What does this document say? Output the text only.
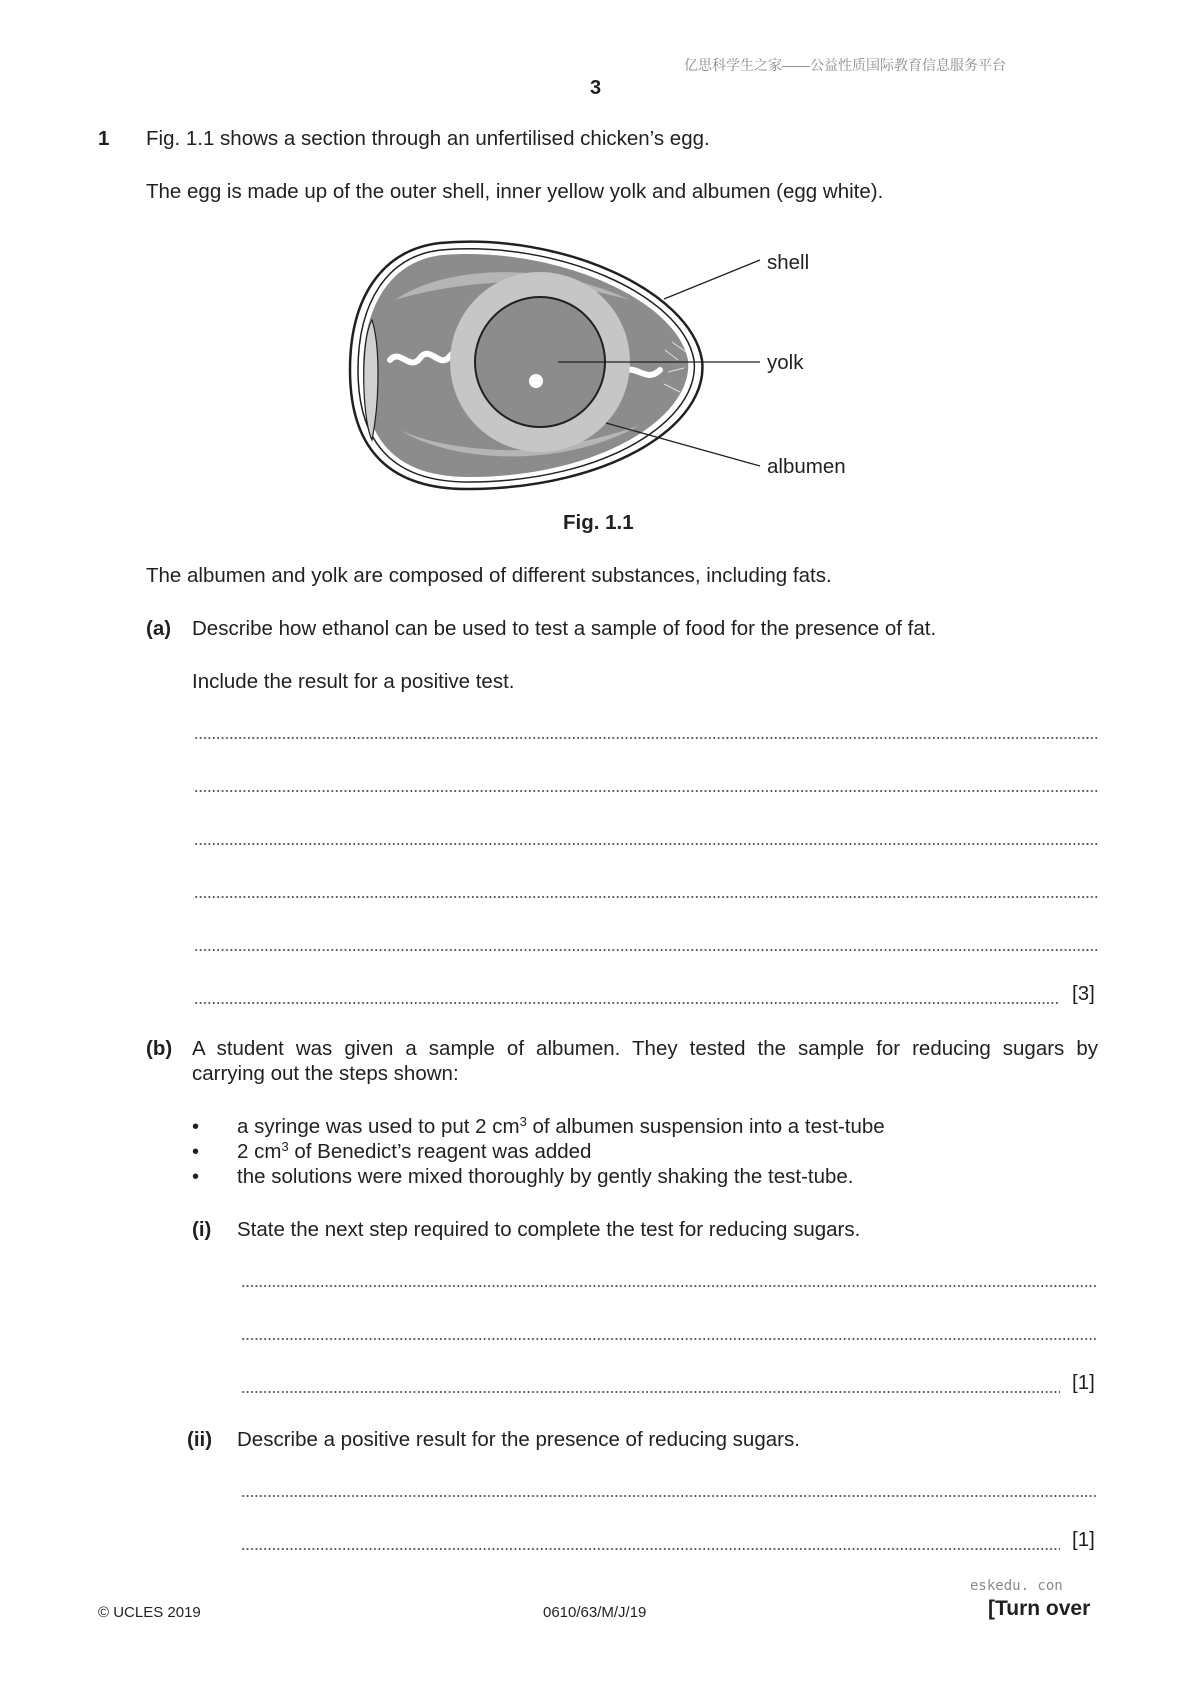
亿思科学生之家——公益性质国际教育信息服务平台
3
1 Fig. 1.1 shows a section through an unfertilised chicken’s egg.
The egg is made up of the outer shell, inner yellow yolk and albumen (egg white).
shell
yolk
albumen
Fig. 1.1
The albumen and yolk are composed of different substances, including fats.
(a) Describe how ethanol can be used to test a sample of food for the presence of fat.
Include the result for a positive test.
[3]
(b) A student was given a sample of albumen. They tested the sample for reducing sugars by
carrying out the steps shown:
• a syringe was used to put 2 $cm^3$ of albumen suspension into a test-tube
• 2 $cm^3$ of Benedict’s reagent was added
• the solutions were mixed thoroughly by gently shaking the test-tube.
(i) State the next step required to complete the test for reducing sugars.
[1]
(ii) Describe a positive result for the presence of reducing sugars.
[1]
eskedu. con
© UCLES 2019	0610/63/M/J/19	[Turn over
